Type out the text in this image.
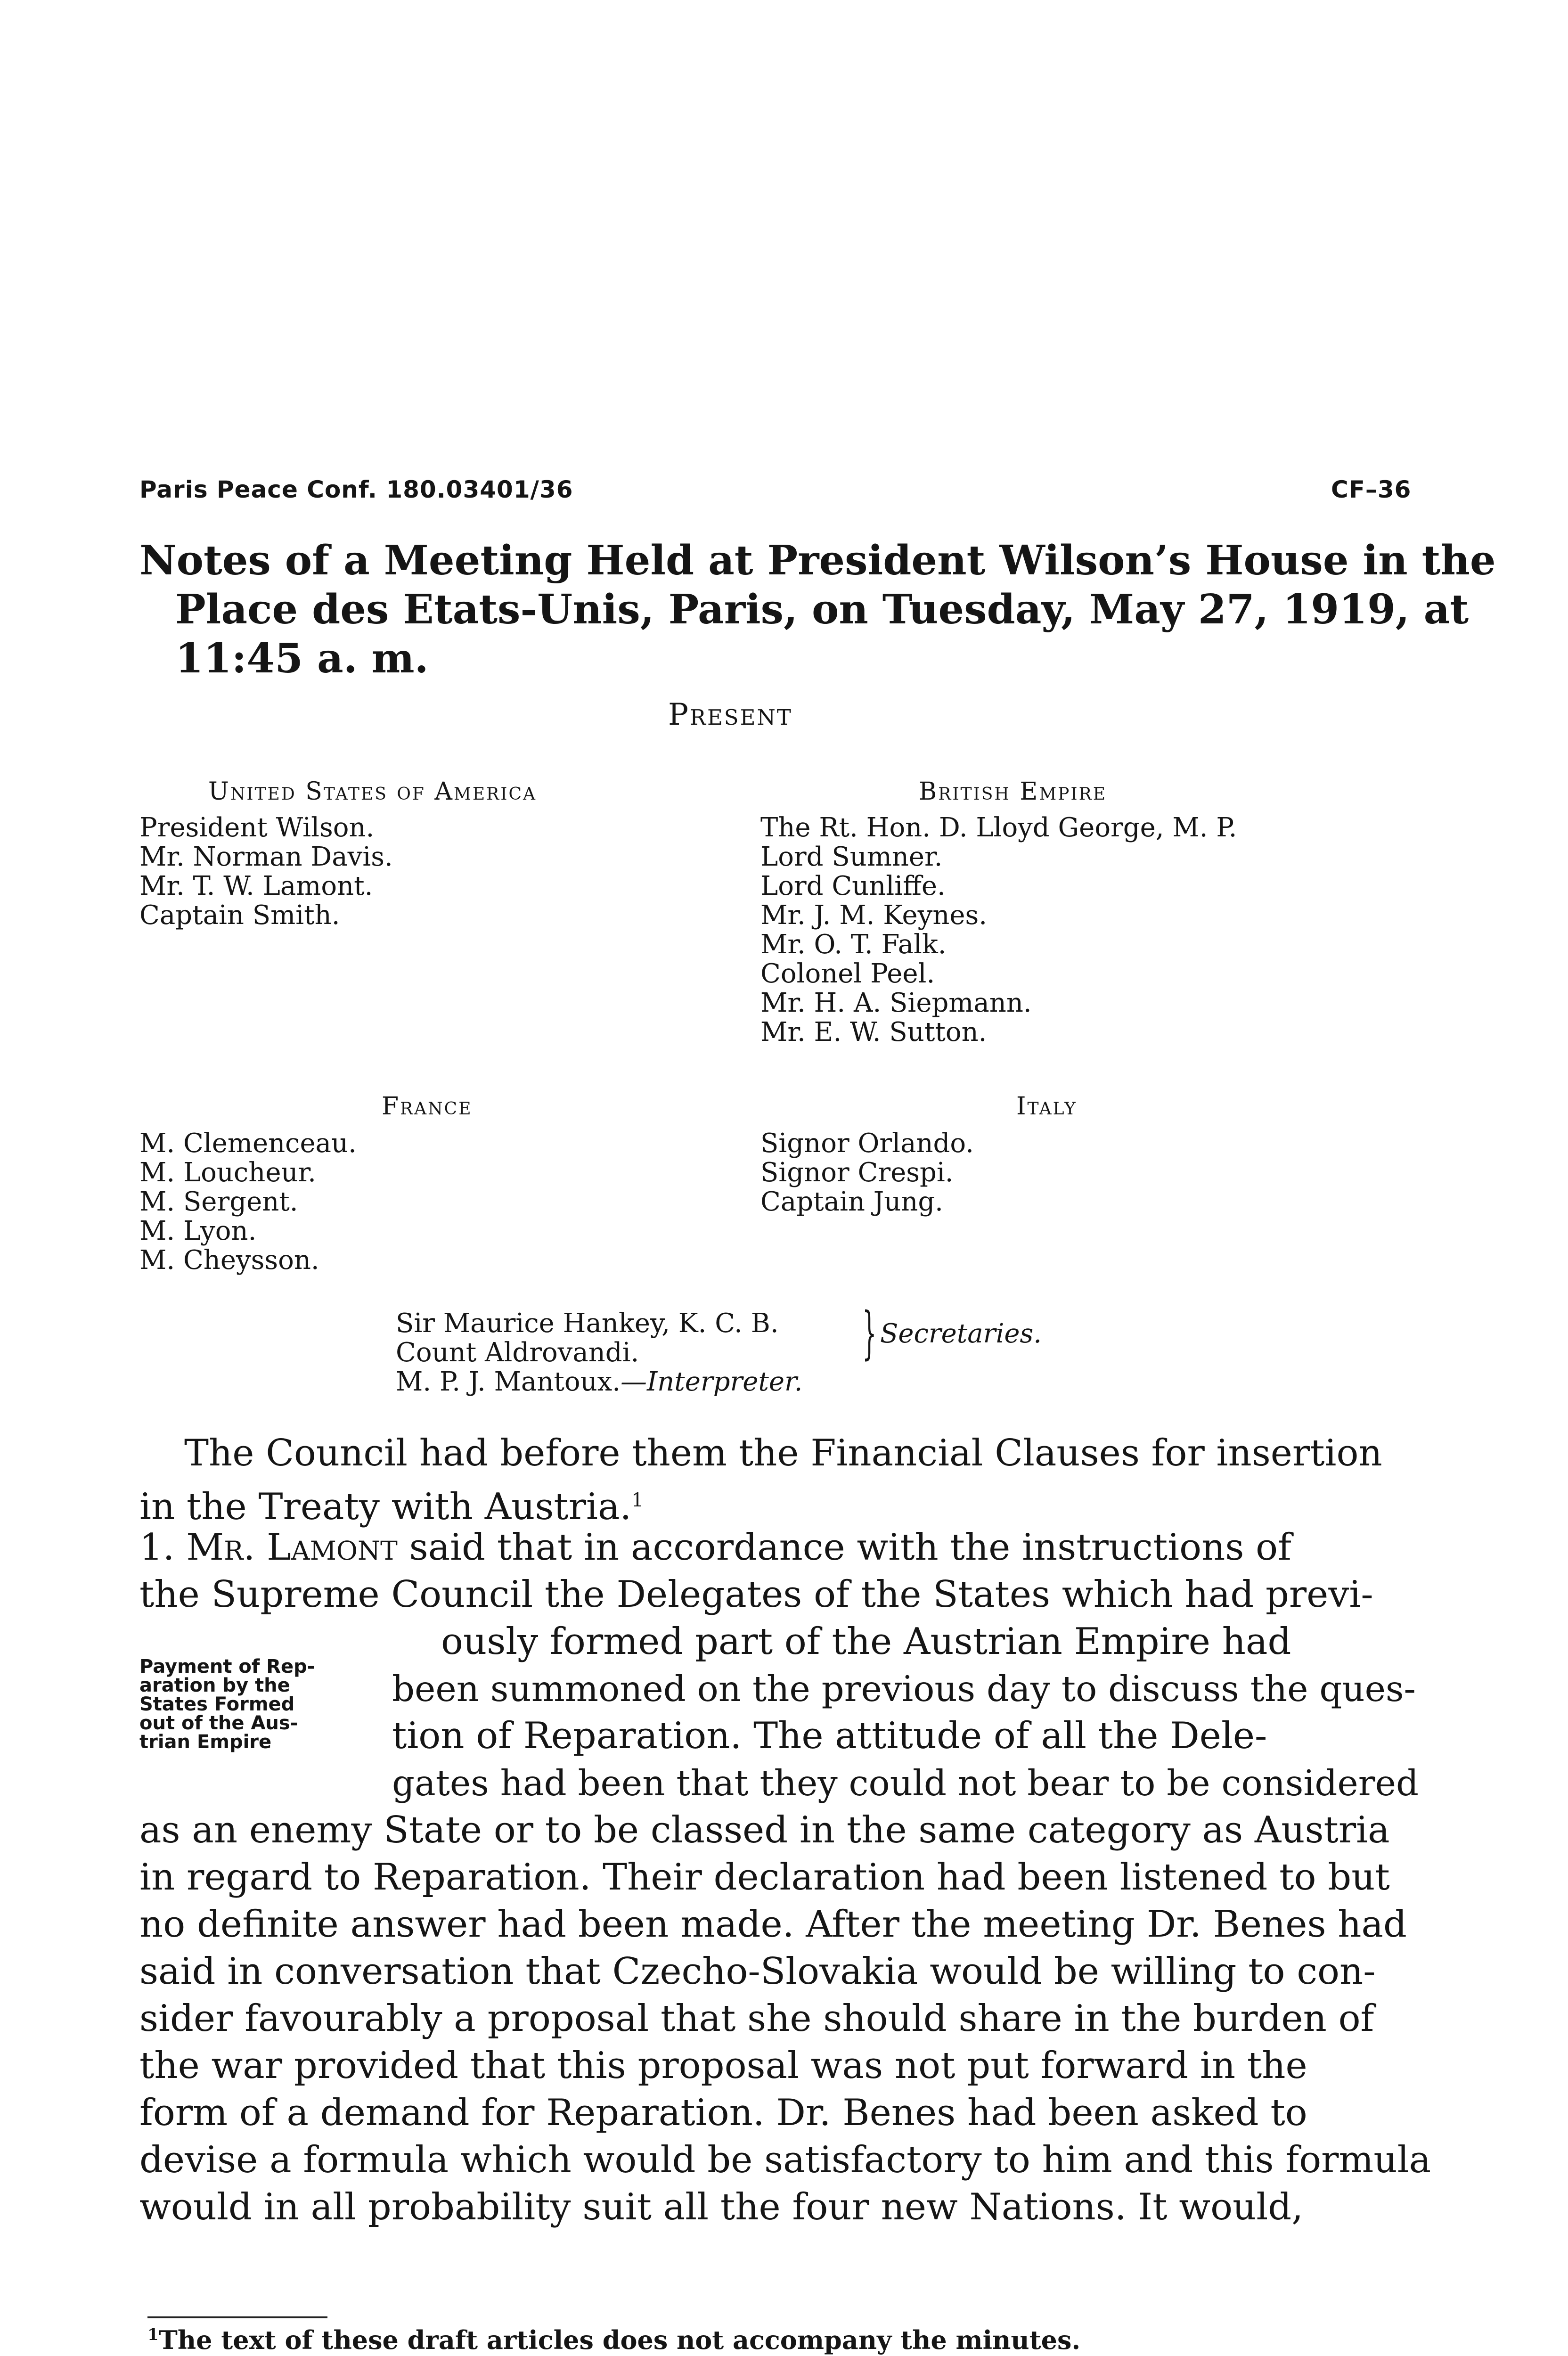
Paris Peace Conf. 180.03401/36	CF–36
Notes of a Meeting Held at President Wilson’s House in the
Place des Etats-Unis, Paris, on Tuesday, May 27, 1919, at
11:45 a. m.
Present
United States of America
President Wilson.
Mr. Norman Davis.
Mr. T. W. Lamont.
Captain Smith.
British Empire
The Rt. Hon. D. Lloyd George, M. P.
Lord Sumner.
Lord Cunliffe.
Mr. J. M. Keynes.
Mr. O. T. Falk.
Colonel Peel.
Mr. H. A. Siepmann.
Mr. E. W. Sutton.
France
M. Clemenceau.
M. Loucheur.
M. Sergent.
M. Lyon.
M. Cheysson.
Italy
Signor Orlando.
Signor Crespi.
Captain Jung.
Sir Maurice Hankey, K. C. B.
Count Aldrovandi.
M. P. J. Mantoux.—Interpreter.
} Secretaries.
The Council had before them the Financial Clauses for insertion
in the Treaty with Austria.$^1$
Payment of Rep-
aration by the
States Formed
out of the Aus-
trian Empire
1. Mr. Lamont said that in accordance with the instructions of
the Supreme Council the Delegates of the States which had previ-
ously formed part of the Austrian Empire had
been summoned on the previous day to discuss the ques-
tion of Reparation. The attitude of all the Dele-
gates had been that they could not bear to be considered
as an enemy State or to be classed in the same category as Austria
in regard to Reparation. Their declaration had been listened to but
no definite answer had been made. After the meeting Dr. Benes had
said in conversation that Czecho-Slovakia would be willing to con-
sider favourably a proposal that she should share in the burden of
the war provided that this proposal was not put forward in the
form of a demand for Reparation. Dr. Benes had been asked to
devise a formula which would be satisfactory to him and this formula
would in all probability suit all the four new Nations. It would,
$^1$The text of these draft articles does not accompany the minutes.
